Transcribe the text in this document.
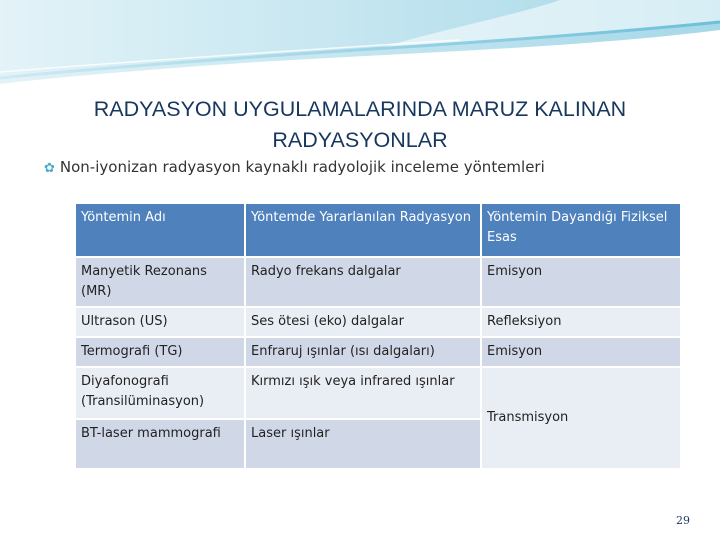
RADYASYON UYGULAMALARINDA MARUZ KALINAN
RADYASYONLAR
✿ Non-iyonizan radyasyon kaynaklı radyolojik inceleme yöntemleri
Yöntemin Adı	Yöntemde Yararlanılan Radyasyon	Yöntemin Dayandığı Fiziksel Esas
Manyetik Rezonans (MR)	Radyo frekans dalgalar	Emisyon
Ultrason (US)	Ses ötesi (eko) dalgalar	Refleksiyon
Termografi (TG)	Enfraruj ışınlar (ısı dalgaları)	Emisyon
Diyafonografi (Transilüminasyon)	Kırmızı ışık veya infrared ışınlar	Transmisyon
BT-laser mammografi	Laser ışınlar	
29
